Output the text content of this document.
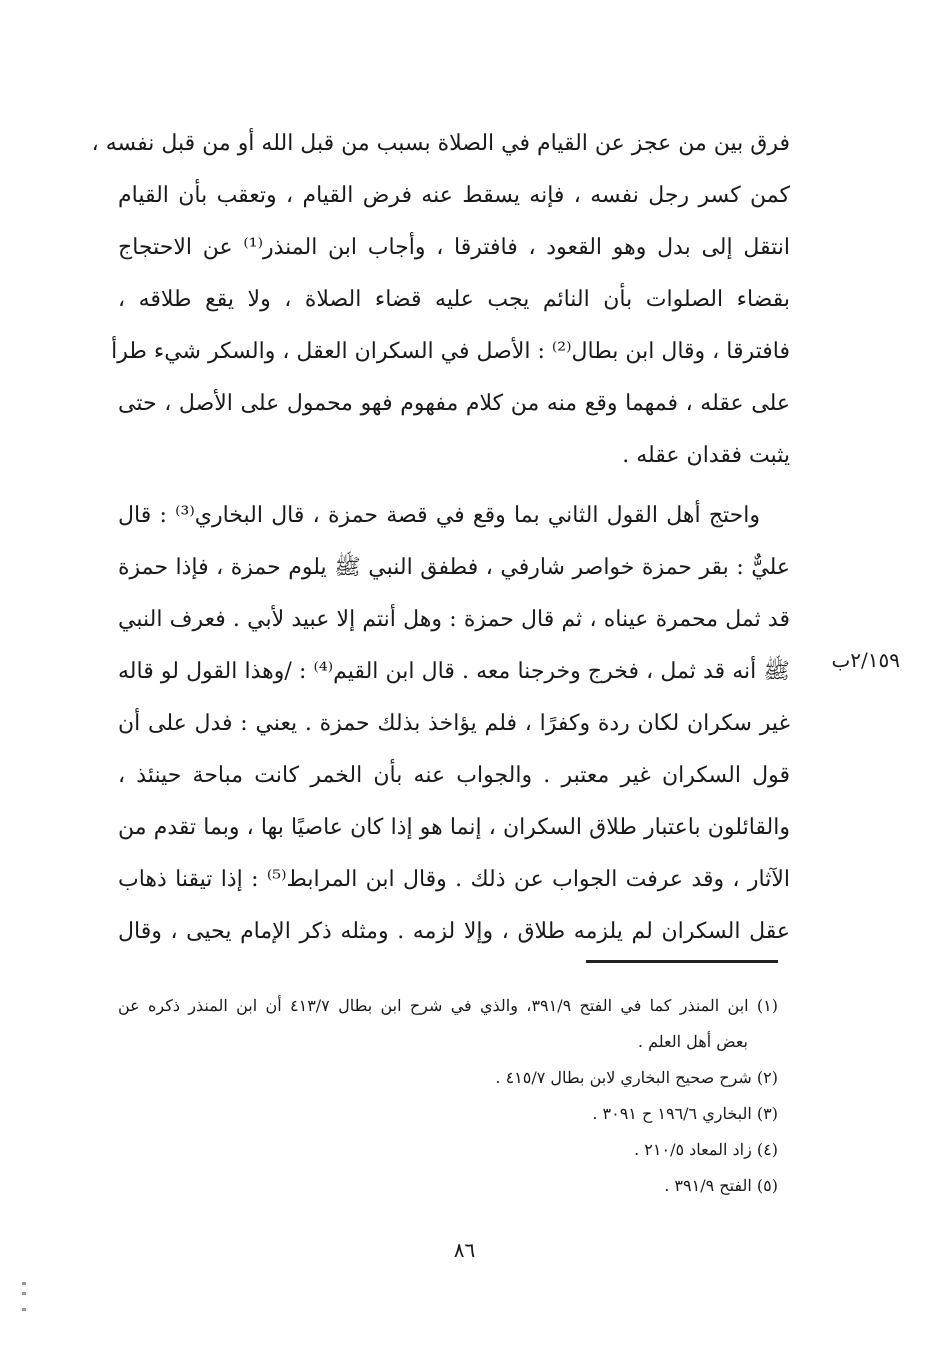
فرق بين من عجز عن القيام في الصلاة بسبب من قبل الله أو من قبل نفسه ،
كمن كسر رجل نفسه ، فإنه يسقط عنه فرض القيام ، وتعقب بأن القيام
انتقل إلى بدل وهو القعود ، فافترقا ، وأجاب ابن المنذر⁽¹⁾ عن الاحتجاج
بقضاء الصلوات بأن النائم يجب عليه قضاء الصلاة ، ولا يقع طلاقه ،
فافترقا ، وقال ابن بطال⁽²⁾ : الأصل في السكران العقل ، والسكر شيء طرأ
على عقله ، فمهما وقع منه من كلام مفهوم فهو محمول على الأصل ، حتى
يثبت فقدان عقله .
واحتج أهل القول الثاني بما وقع في قصة حمزة ، قال البخاري⁽³⁾ : قال
عليٌّ : بقر حمزة خواصر شارفي ، فطفق النبي ﷺ يلوم حمزة ، فإذا حمزة
قد ثمل محمرة عيناه ، ثم قال حمزة : وهل أنتم إلا عبيد لأبي . فعرف النبي
ﷺ أنه قد ثمل ، فخرج وخرجنا معه . قال ابن القيم⁽⁴⁾ : /وهذا القول لو قاله
غير سكران لكان ردة وكفرًا ، فلم يؤاخذ بذلك حمزة . يعني : فدل على أن
قول السكران غير معتبر . والجواب عنه بأن الخمر كانت مباحة حينئذ ،
والقائلون باعتبار طلاق السكران ، إنما هو إذا كان عاصيًا بها ، وبما تقدم من
الآثار ، وقد عرفت الجواب عن ذلك . وقال ابن المرابط⁽⁵⁾ : إذا تيقنا ذهاب
عقل السكران لم يلزمه طلاق ، وإلا لزمه . ومثله ذكر الإمام يحيى ، وقال
٢/١٥٩ب
(١) ابن المنذر كما في الفتح ٣٩١/٩، والذي في شرح ابن بطال ٤١٣/٧ أن ابن المنذر ذكره عن
بعض أهل العلم .
(٢) شرح صحيح البخاري لابن بطال ٤١٥/٧ .
(٣) البخاري ١٩٦/٦ ح ٣٠٩١ .
(٤) زاد المعاد ٢١٠/٥ .
(٥) الفتح ٣٩١/٩ .
٨٦
